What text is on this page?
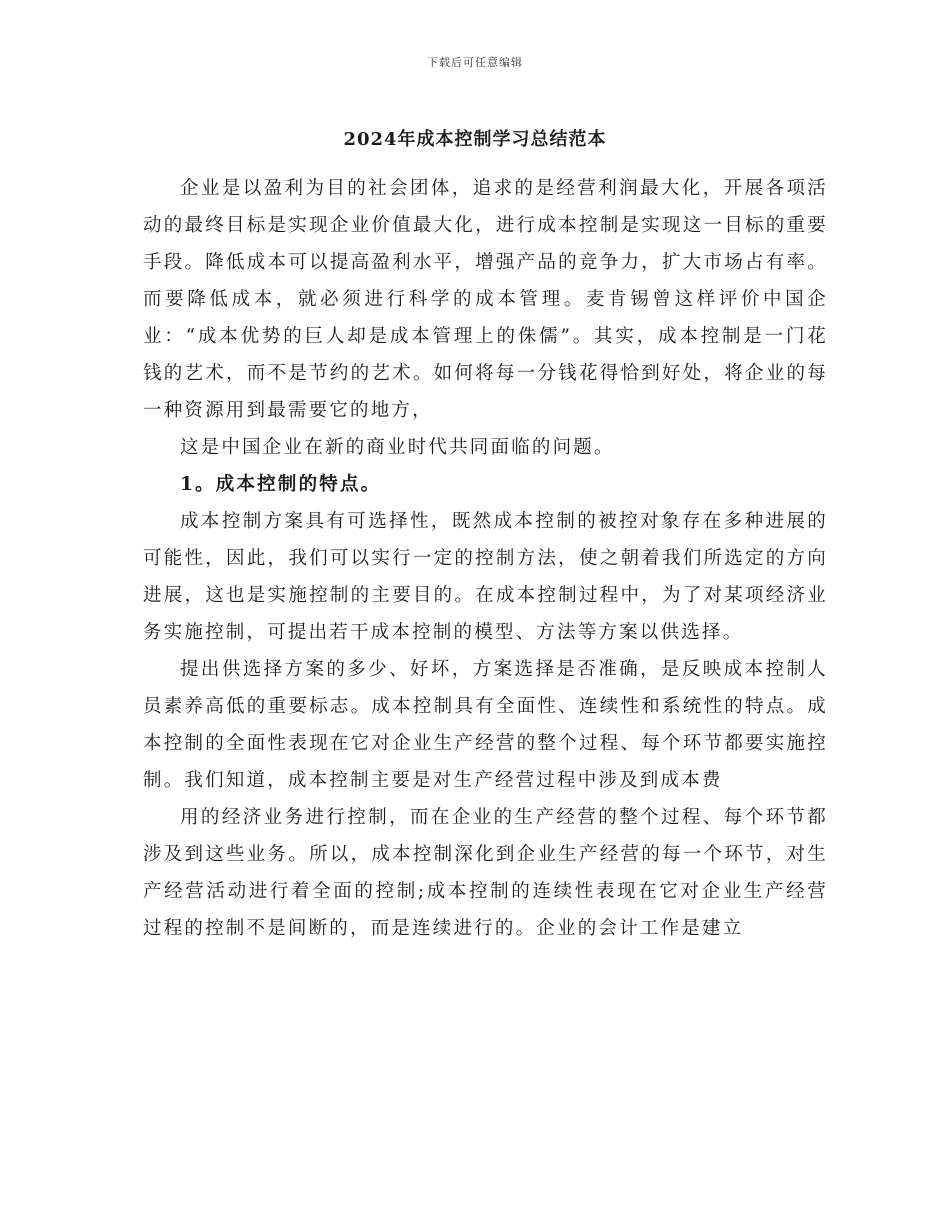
下载后可任意编辑
2024年成本控制学习总结范本

企业是以盈利为目的社会团体，追求的是经营利润最大化，开展各项活动的最终目标是实现企业价值最大化，进行成本控制是实现这一目标的重要手段。降低成本可以提高盈利水平，增强产品的竞争力，扩大市场占有率。而要降低成本，就必须进行科学的成本管理。麦肯锡曾这样评价中国企业：“成本优势的巨人却是成本管理上的侏儒”。其实，成本控制是一门花钱的艺术，而不是节约的艺术。如何将每一分钱花得恰到好处，将企业的每一种资源用到最需要它的地方，

这是中国企业在新的商业时代共同面临的问题。

1。成本控制的特点。

成本控制方案具有可选择性，既然成本控制的被控对象存在多种进展的可能性，因此，我们可以实行一定的控制方法，使之朝着我们所选定的方向进展，这也是实施控制的主要目的。在成本控制过程中，为了对某项经济业务实施控制，可提出若干成本控制的模型、方法等方案以供选择。

提出供选择方案的多少、好坏，方案选择是否准确，是反映成本控制人员素养高低的重要标志。成本控制具有全面性、连续性和系统性的特点。成本控制的全面性表现在它对企业生产经营的整个过程、每个环节都要实施控制。我们知道，成本控制主要是对生产经营过程中涉及到成本费

用的经济业务进行控制，而在企业的生产经营的整个过程、每个环节都涉及到这些业务。所以，成本控制深化到企业生产经营的每一个环节，对生产经营活动进行着全面的控制;成本控制的连续性表现在它对企业生产经营过程的控制不是间断的，而是连续进行的。企业的会计工作是建立
